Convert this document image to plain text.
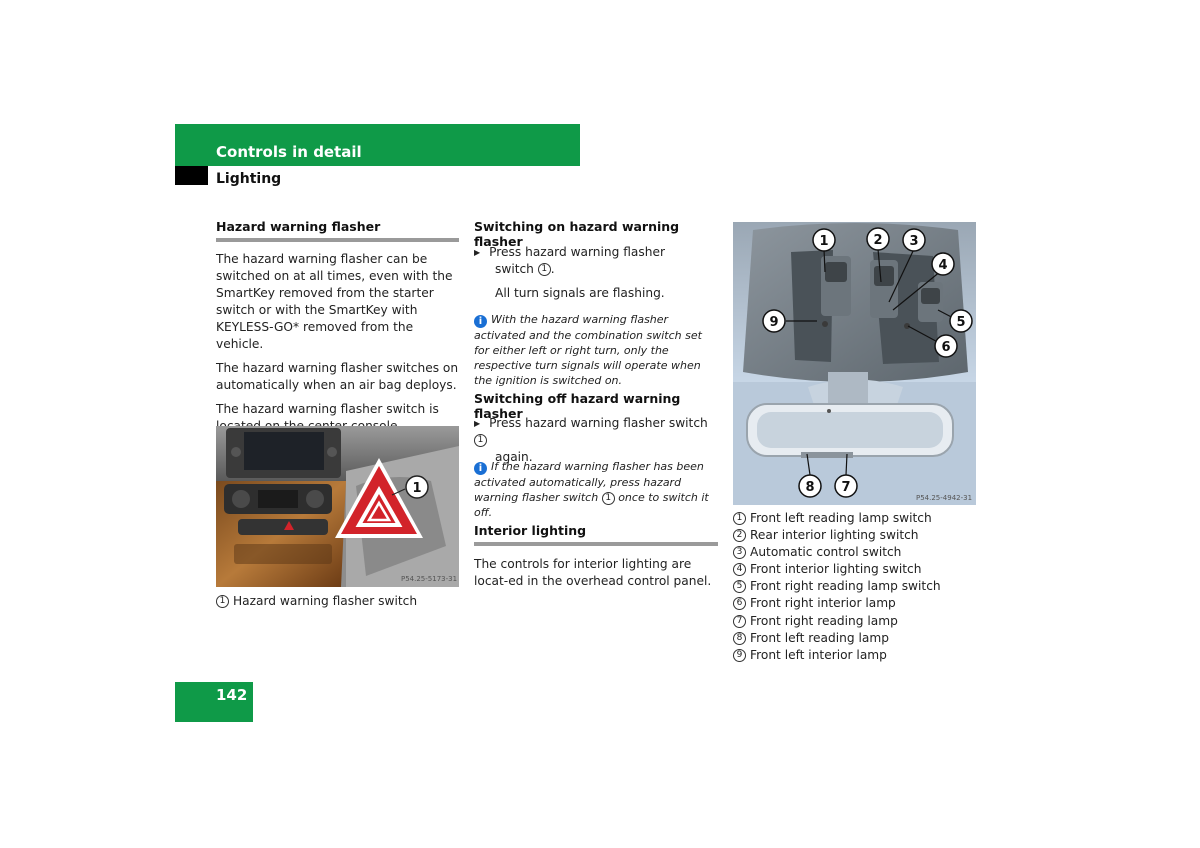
Controls in detail
Lighting
Hazard warning flasher

The hazard warning flasher can be switched on at all times, even with the SmartKey removed from the starter switch or with the SmartKey with KEYLESS-GO* removed from the vehicle.

The hazard warning flasher switches on automatically when an air bag deploys.

The hazard warning flasher switch is

1
P54.25-5173-31
1 Hazard warning flasher switch
Switching on hazard warning flasher
▶ Press hazard warning flasher
switch 1 .
All turn signals are flashing.
i With the hazard warning flasher activated and the combination switch set for either left or right turn, only the respective turn signals will operate when the ignition is switched on.
Switching off hazard warning flasher
▶ Press hazard warning flasher switch 1
again.
i If the hazard warning flasher has been activated automatically, press hazard warning flasher switch 1 once to switch it off.
Interior lighting

The controls for interior lighting are locat-ed in the overhead control panel.

1	2 3
4
5
6
9
8 7
P54.25-4942-31
1 Front left reading lamp switch
2 Rear interior lighting switch
3 Automatic control switch
4 Front interior lighting switch
5 Front right reading lamp switch
6 Front right interior lamp
7 Front right reading lamp
8 Front left reading lamp
9 Front left interior lamp
142
